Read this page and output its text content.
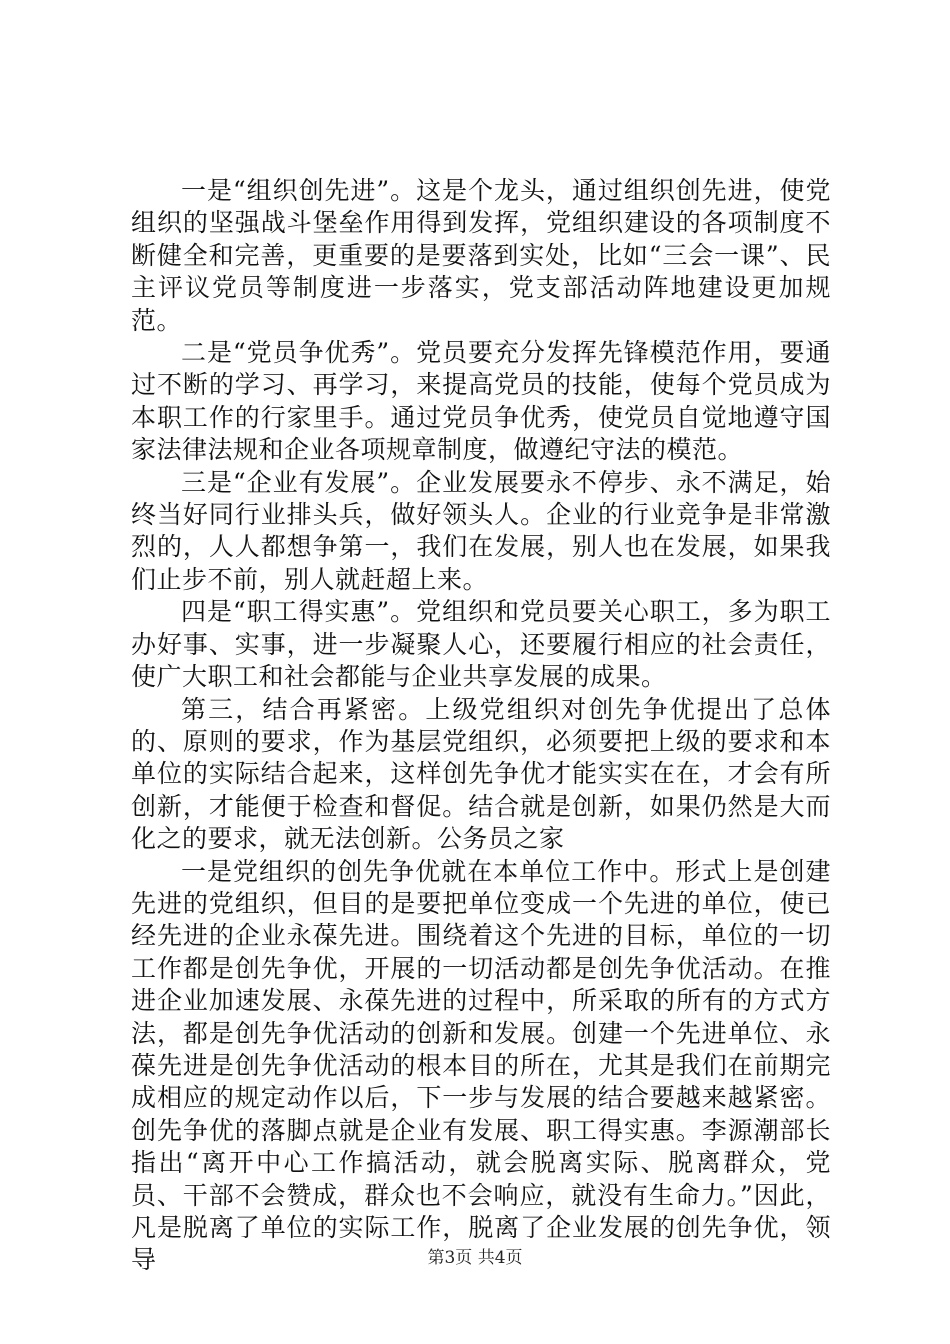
一是“组织创先进”。这是个龙头，通过组织创先进，使党组织的坚强战斗堡垒作用得到发挥，党组织建设的各项制度不断健全和完善，更重要的是要落到实处，比如“三会一课”、民主评议党员等制度进一步落实，党支部活动阵地建设更加规范。

二是“党员争优秀”。党员要充分发挥先锋模范作用，要通过不断的学习、再学习，来提高党员的技能，使每个党员成为本职工作的行家里手。通过党员争优秀，使党员自觉地遵守国家法律法规和企业各项规章制度，做遵纪守法的模范。

三是“企业有发展”。企业发展要永不停步、永不满足，始终当好同行业排头兵，做好领头人。企业的行业竞争是非常激烈的，人人都想争第一，我们在发展，别人也在发展，如果我们止步不前，别人就赶超上来。

四是“职工得实惠”。党组织和党员要关心职工，多为职工办好事、实事，进一步凝聚人心，还要履行相应的社会责任，使广大职工和社会都能与企业共享发展的成果。

第三，结合再紧密。上级党组织对创先争优提出了总体的、原则的要求，作为基层党组织，必须要把上级的要求和本单位的实际结合起来，这样创先争优才能实实在在，才会有所创新，才能便于检查和督促。结合就是创新，如果仍然是大而化之的要求，就无法创新。公务员之家

一是党组织的创先争优就在本单位工作中。形式上是创建先进的党组织，但目的是要把单位变成一个先进的单位，使已经先进的企业永葆先进。围绕着这个先进的目标，单位的一切工作都是创先争优，开展的一切活动都是创先争优活动。在推进企业加速发展、永葆先进的过程中，所采取的所有的方式方法，都是创先争优活动的创新和发展。创建一个先进单位、永葆先进是创先争优活动的根本目的所在，尤其是我们在前期完成相应的规定动作以后，下一步与发展的结合要越来越紧密。创先争优的落脚点就是企业有发展、职工得实惠。李源潮部长指出“离开中心工作搞活动，就会脱离实际、脱离群众，党员、干部不会赞成，群众也不会响应，就没有生命力。”因此，凡是脱离了单位的实际工作，脱离了企业发展的创先争优，领导	第3页 共4页
